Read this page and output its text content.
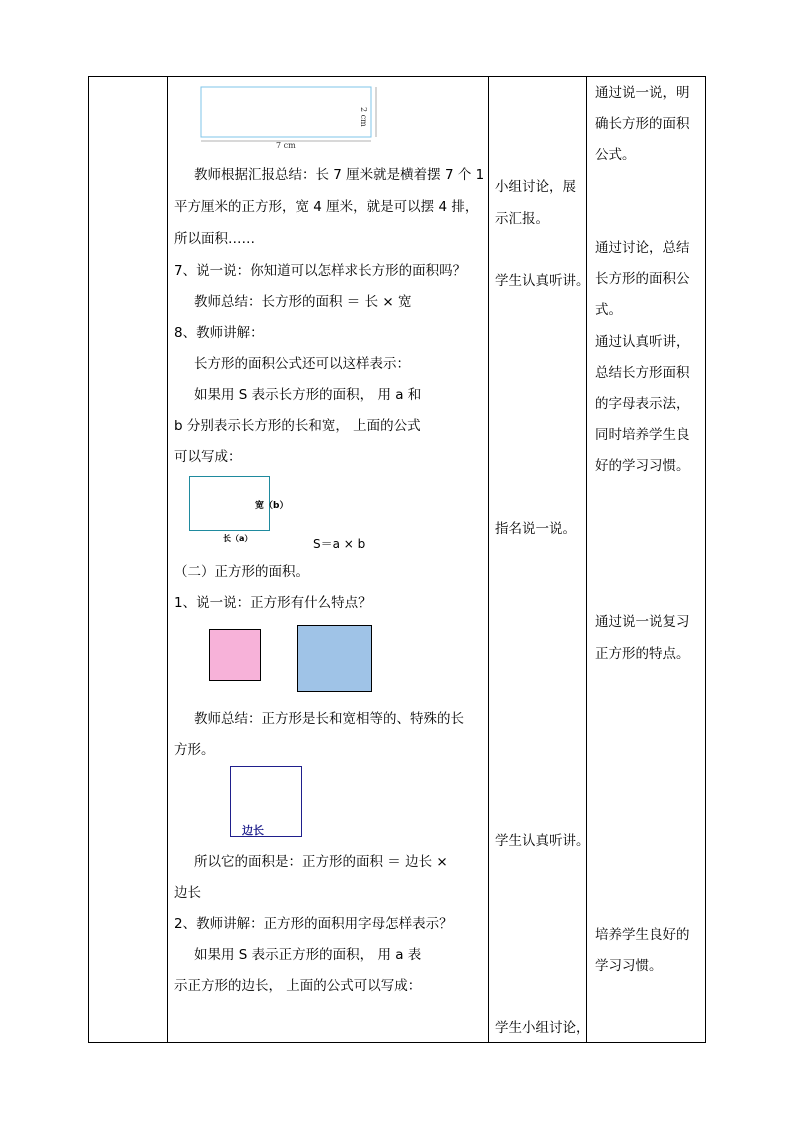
7 cm
2 cm
教师根据汇报总结：长 7 厘米就是横着摆 7 个 1
平方厘米的正方形，宽 4 厘米，就是可以摆 4 排，
所以面积……
7、说一说：你知道可以怎样求长方形的面积吗？
教师总结：长方形的面积 ＝ 长 × 宽
8、教师讲解：
长方形的面积公式还可以这样表示：
如果用 S 表示长方形的面积， 用 a 和
b 分别表示长方形的长和宽， 上面的公式
可以写成：
宽（b）
长（a）	S＝a × b
（二）正方形的面积。
1、说一说：正方形有什么特点？
教师总结：正方形是长和宽相等的、特殊的长
方形。
边长
所以它的面积是：正方形的面积 ＝ 边长 ×
边长
2、教师讲解：正方形的面积用字母怎样表示？
如果用 S 表示正方形的面积， 用 a 表
示正方形的边长， 上面的公式可以写成：
小组讨论，展
示汇报。
学生认真听讲。
指名说一说。
学生认真听讲。
学生小组讨论，
通过说一说，明
确长方形的面积
公式。
通过讨论，总结
长方形的面积公
式。
通过认真听讲，
总结长方形面积
的字母表示法，
同时培养学生良
好的学习习惯。
通过说一说复习
正方形的特点。
培养学生良好的
学习习惯。
